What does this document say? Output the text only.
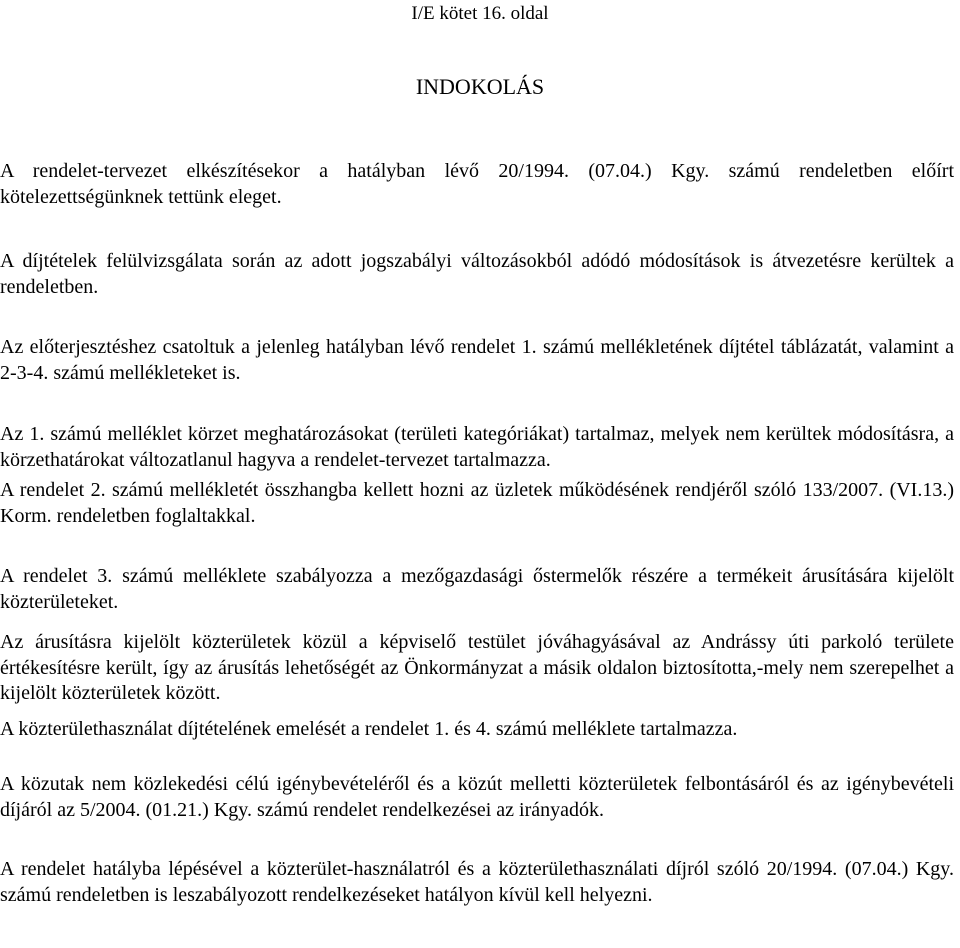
I/E kötet 16. oldal
INDOKOLÁS

A rendelet-tervezet elkészítésekor a hatályban lévő 20/1994. (07.04.) Kgy. számú rendeletben előírt kötelezettségünknek tettünk eleget.

A díjtételek felülvizsgálata során az adott jogszabályi változásokból adódó módosítások is átvezetésre kerültek a rendeletben.

Az előterjesztéshez csatoltuk a jelenleg hatályban lévő rendelet 1. számú mellékletének díjtétel táblázatát, valamint a 2-3-4. számú mellékleteket is.

Az 1. számú melléklet körzet meghatározásokat (területi kategóriákat) tartalmaz, melyek nem kerültek módosításra, a körzethatárokat változatlanul hagyva a rendelet-tervezet tartalmazza.

A rendelet 2. számú mellékletét összhangba kellett hozni az üzletek működésének rendjéről szóló 133/2007. (VI.13.) Korm. rendeletben foglaltakkal.

A rendelet 3. számú melléklete szabályozza a mezőgazdasági őstermelők részére a termékeit árusítására kijelölt közterületeket.

Az árusításra kijelölt közterületek közül a képviselő testület jóváhagyásával az Andrássy úti parkoló területe értékesítésre került, így az árusítás lehetőségét az Önkormányzat a másik oldalon biztosította,-mely nem szerepelhet a kijelölt közterületek között.

A közterülethasználat díjtételének emelését a rendelet 1. és 4. számú melléklete tartalmazza.

A közutak nem közlekedési célú igénybevételéről és a közút melletti közterületek felbontásáról és az igénybevételi díjáról az 5/2004. (01.21.) Kgy. számú rendelet rendelkezései az irányadók.

A rendelet hatályba lépésével a közterület-használatról és a közterülethasználati díjról szóló 20/1994. (07.04.) Kgy. számú rendeletben is leszabályozott rendelkezéseket hatályon kívül kell helyezni.
